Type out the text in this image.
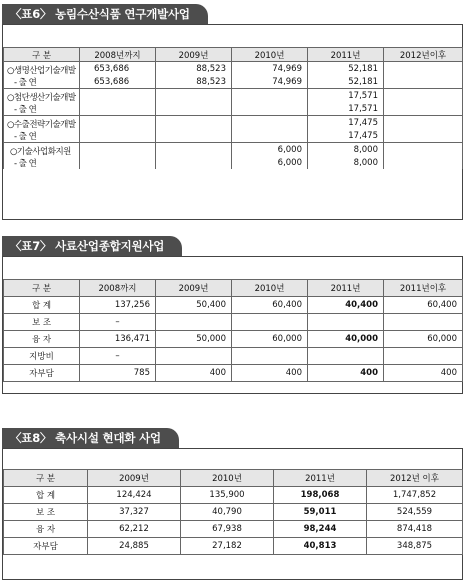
〈표6〉 농림수산식품 연구개발사업
구 분	2008년까지	2009년	2010년	2011년	2012년이후
○생명산업기술개발	653,686	88,523	74,969	52,181	
- 출 연	653,686	88,523	74,969	52,181	
○첨단생산기술개발				17,571	
- 출 연				17,571	
○수출전략기술개발				17,475	
- 출 연				17,475	
○기술사업화지원			6,000	8,000	
- 출 연			6,000	8,000	
〈표7〉 사료산업종합지원사업
구 분	2008까지	2009년	2010년	2011년	2011년이후
합 계	137,256	50,400	60,400	40,400	60,400
보 조	–				
융 자	136,471	50,000	60,000	40,000	60,000
지방비	–				
자부담	785	400	400	400	400
〈표8〉 축사시설 현대화 사업
구 분	2009년	2010년	2011년	2012년 이후
합 계	124,424	135,900	198,068	1,747,852
보 조	37,327	40,790	59,011	524,559
융 자	62,212	67,938	98,244	874,418
자부담	24,885	27,182	40,813	348,875
